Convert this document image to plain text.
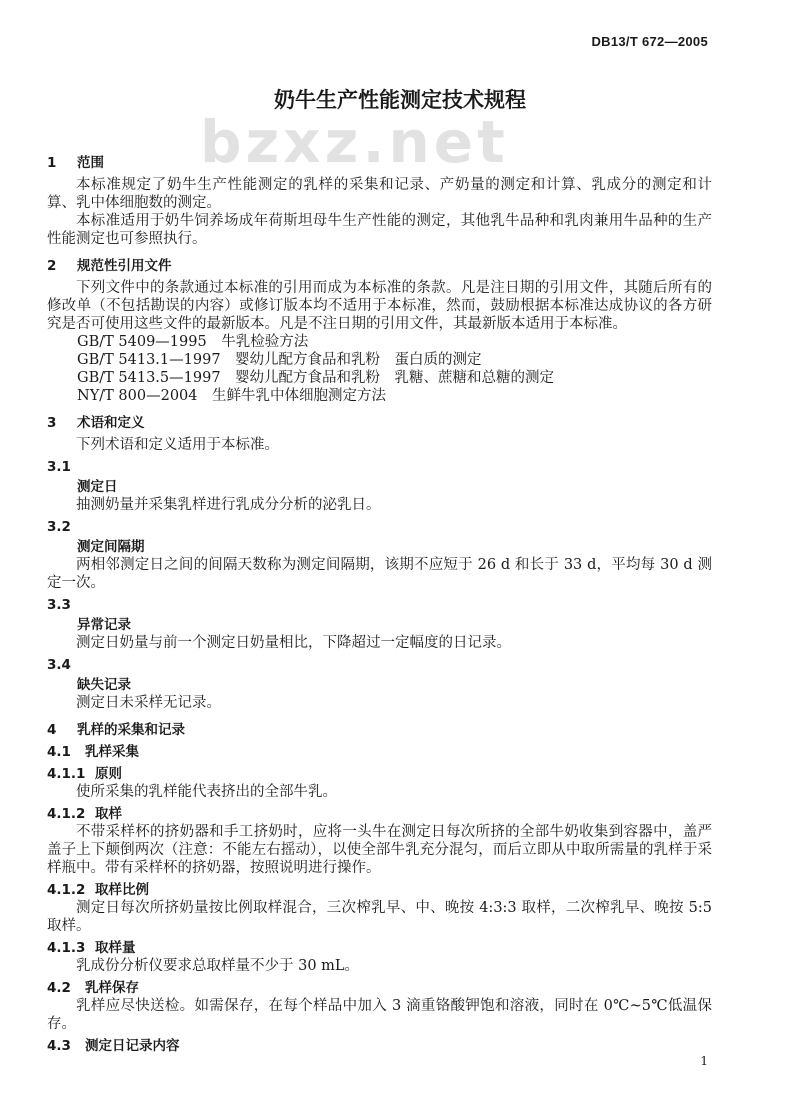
DB13/T 672—2005
奶牛生产性能测定技术规程
bzxz.net
1 范围

本标准规定了奶牛生产性能测定的乳样的采集和记录、产奶量的测定和计算、乳成分的测定和计算、乳中体细胞数的测定。

本标准适用于奶牛饲养场成年荷斯坦母牛生产性能的测定，其他乳牛品种和乳肉兼用牛品种的生产性能测定也可参照执行。

2 规范性引用文件

下列文件中的条款通过本标准的引用而成为本标准的条款。凡是注日期的引用文件，其随后所有的修改单（不包括勘误的内容）或修订版本均不适用于本标准，然而，鼓励根据本标准达成协议的各方研究是否可使用这些文件的最新版本。凡是不注日期的引用文件，其最新版本适用于本标准。

GB/T 5409—1995　牛乳检验方法
GB/T 5413.1—1997　婴幼儿配方食品和乳粉　蛋白质的测定
GB/T 5413.5—1997　婴幼儿配方食品和乳粉　乳糖、蔗糖和总糖的测定
NY/T 800—2004　生鲜牛乳中体细胞测定方法
3 术语和定义

下列术语和定义适用于本标准。

3.1
测定日

抽测奶量并采集乳样进行乳成分分析的泌乳日。

3.2
测定间隔期

两相邻测定日之间的间隔天数称为测定间隔期，该期不应短于 26 d 和长于 33 d，平均每 30 d 测定一次。

3.3
异常记录

测定日奶量与前一个测定日奶量相比，下降超过一定幅度的日记录。

3.4
缺失记录

测定日未采样无记录。

4 乳样的采集和记录
4.1 乳样采集
4.1.1 原则

使所采集的乳样能代表挤出的全部牛乳。

4.1.2 取样

不带采样杯的挤奶器和手工挤奶时，应将一头牛在测定日每次所挤的全部牛奶收集到容器中，盖严盖子上下颠倒两次（注意：不能左右摇动），以使全部牛乳充分混匀，而后立即从中取所需量的乳样于采样瓶中。带有采样杯的挤奶器，按照说明进行操作。

4.1.2 取样比例

测定日每次所挤奶量按比例取样混合，三次榨乳早、中、晚按 4:3:3 取样，二次榨乳早、晚按 5:5 取样。

4.1.3 取样量

乳成份分析仪要求总取样量不少于 30 mL。

4.2 乳样保存

乳样应尽快送检。如需保存，在每个样品中加入 3 滴重铬酸钾饱和溶液，同时在 0℃~5℃低温保存。

4.3 测定日记录内容
1
